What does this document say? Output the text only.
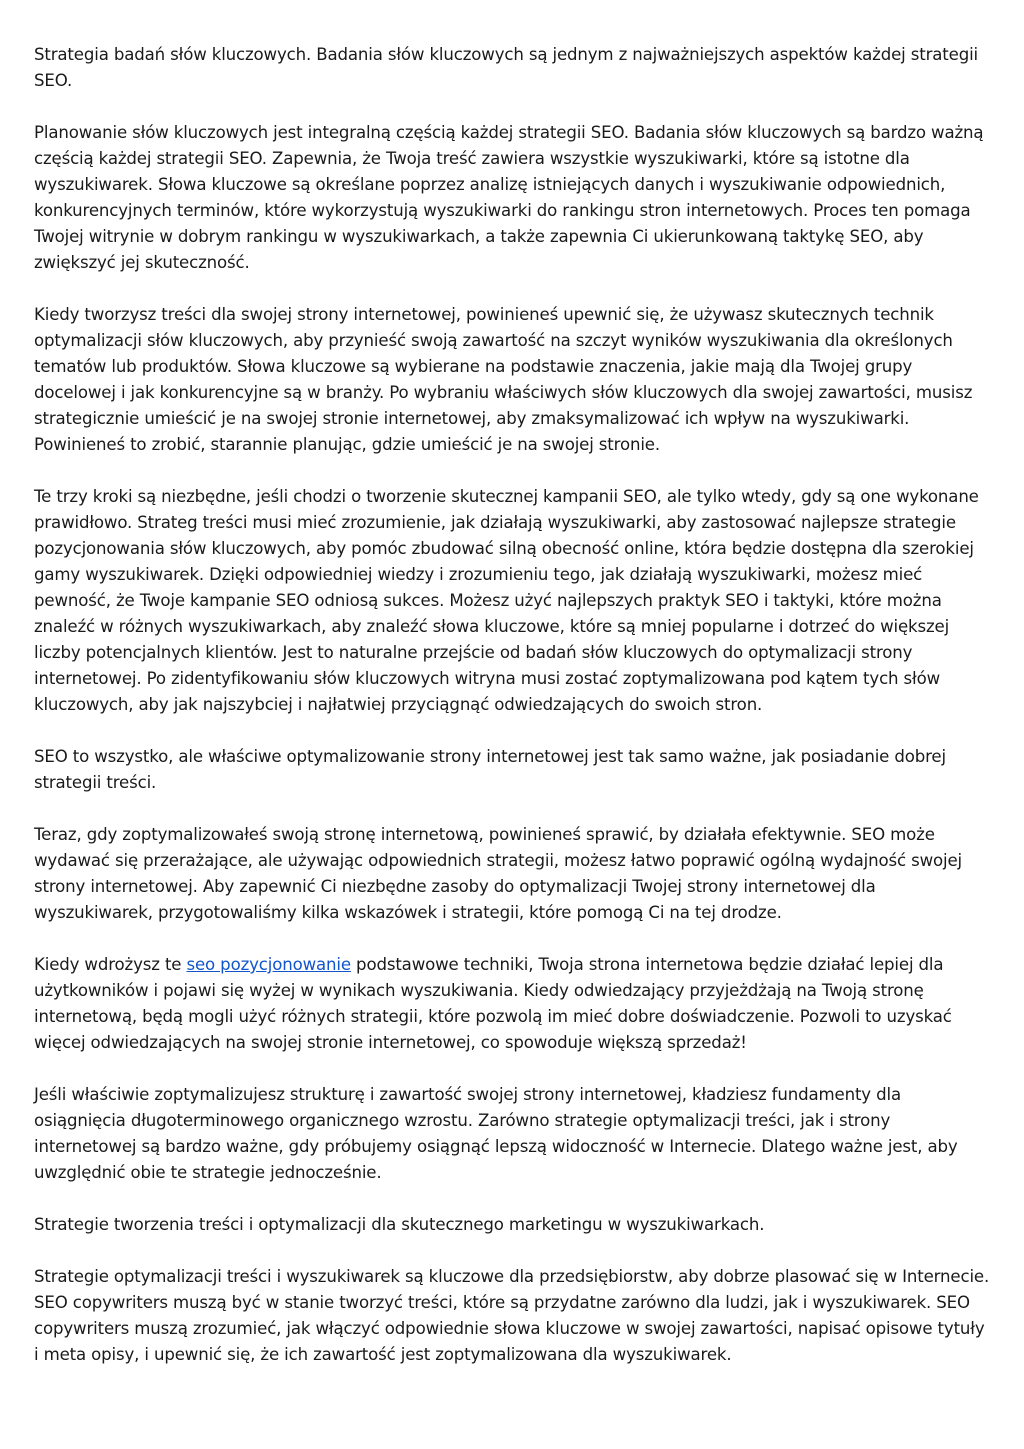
Strategia badań słów kluczowych. Badania słów kluczowych są jednym z najważniejszych aspektów każdej strategii SEO.

Planowanie słów kluczowych jest integralną częścią każdej strategii SEO. Badania słów kluczowych są bardzo ważną częścią każdej strategii SEO. Zapewnia, że Twoja treść zawiera wszystkie wyszukiwarki, które są istotne dla wyszukiwarek. Słowa kluczowe są określane poprzez analizę istniejących danych i wyszukiwanie odpowiednich, konkurencyjnych terminów, które wykorzystują wyszukiwarki do rankingu stron internetowych. Proces ten pomaga Twojej witrynie w dobrym rankingu w wyszukiwarkach, a także zapewnia Ci ukierunkowaną taktykę SEO, aby zwiększyć jej skuteczność.

Kiedy tworzysz treści dla swojej strony internetowej, powinieneś upewnić się, że używasz skutecznych technik optymalizacji słów kluczowych, aby przynieść swoją zawartość na szczyt wyników wyszukiwania dla określonych tematów lub produktów. Słowa kluczowe są wybierane na podstawie znaczenia, jakie mają dla Twojej grupy docelowej i jak konkurencyjne są w branży. Po wybraniu właściwych słów kluczowych dla swojej zawartości, musisz strategicznie umieścić je na swojej stronie internetowej, aby zmaksymalizować ich wpływ na wyszukiwarki. Powinieneś to zrobić, starannie planując, gdzie umieścić je na swojej stronie.

Te trzy kroki są niezbędne, jeśli chodzi o tworzenie skutecznej kampanii SEO, ale tylko wtedy, gdy są one wykonane prawidłowo. Strateg treści musi mieć zrozumienie, jak działają wyszukiwarki, aby zastosować najlepsze strategie pozycjonowania słów kluczowych, aby pomóc zbudować silną obecność online, która będzie dostępna dla szerokiej gamy wyszukiwarek. Dzięki odpowiedniej wiedzy i zrozumieniu tego, jak działają wyszukiwarki, możesz mieć pewność, że Twoje kampanie SEO odniosą sukces. Możesz użyć najlepszych praktyk SEO i taktyki, które można znaleźć w różnych wyszukiwarkach, aby znaleźć słowa kluczowe, które są mniej popularne i dotrzeć do większej liczby potencjalnych klientów. Jest to naturalne przejście od badań słów kluczowych do optymalizacji strony internetowej. Po zidentyfikowaniu słów kluczowych witryna musi zostać zoptymalizowana pod kątem tych słów kluczowych, aby jak najszybciej i najłatwiej przyciągnąć odwiedzających do swoich stron.

SEO to wszystko, ale właściwe optymalizowanie strony internetowej jest tak samo ważne, jak posiadanie dobrej strategii treści.

Teraz, gdy zoptymalizowałeś swoją stronę internetową, powinieneś sprawić, by działała efektywnie. SEO może wydawać się przerażające, ale używając odpowiednich strategii, możesz łatwo poprawić ogólną wydajność swojej strony internetowej. Aby zapewnić Ci niezbędne zasoby do optymalizacji Twojej strony internetowej dla wyszukiwarek, przygotowaliśmy kilka wskazówek i strategii, które pomogą Ci na tej drodze.

Kiedy wdrożysz te seo pozycjonowanie podstawowe techniki, Twoja strona internetowa będzie działać lepiej dla użytkowników i pojawi się wyżej w wynikach wyszukiwania. Kiedy odwiedzający przyjeżdżają na Twoją stronę internetową, będą mogli użyć różnych strategii, które pozwolą im mieć dobre doświadczenie. Pozwoli to uzyskać więcej odwiedzających na swojej stronie internetowej, co spowoduje większą sprzedaż!

Jeśli właściwie zoptymalizujesz strukturę i zawartość swojej strony internetowej, kładziesz fundamenty dla osiągnięcia długoterminowego organicznego wzrostu. Zarówno strategie optymalizacji treści, jak i strony internetowej są bardzo ważne, gdy próbujemy osiągnąć lepszą widoczność w Internecie. Dlatego ważne jest, aby uwzględnić obie te strategie jednocześnie.

Strategie tworzenia treści i optymalizacji dla skutecznego marketingu w wyszukiwarkach.

Strategie optymalizacji treści i wyszukiwarek są kluczowe dla przedsiębiorstw, aby dobrze plasować się w Internecie. SEO copywriters muszą być w stanie tworzyć treści, które są przydatne zarówno dla ludzi, jak i wyszukiwarek. SEO copywriters muszą zrozumieć, jak włączyć odpowiednie słowa kluczowe w swojej zawartości, napisać opisowe tytuły i meta opisy, i upewnić się, że ich zawartość jest zoptymalizowana dla wyszukiwarek.
